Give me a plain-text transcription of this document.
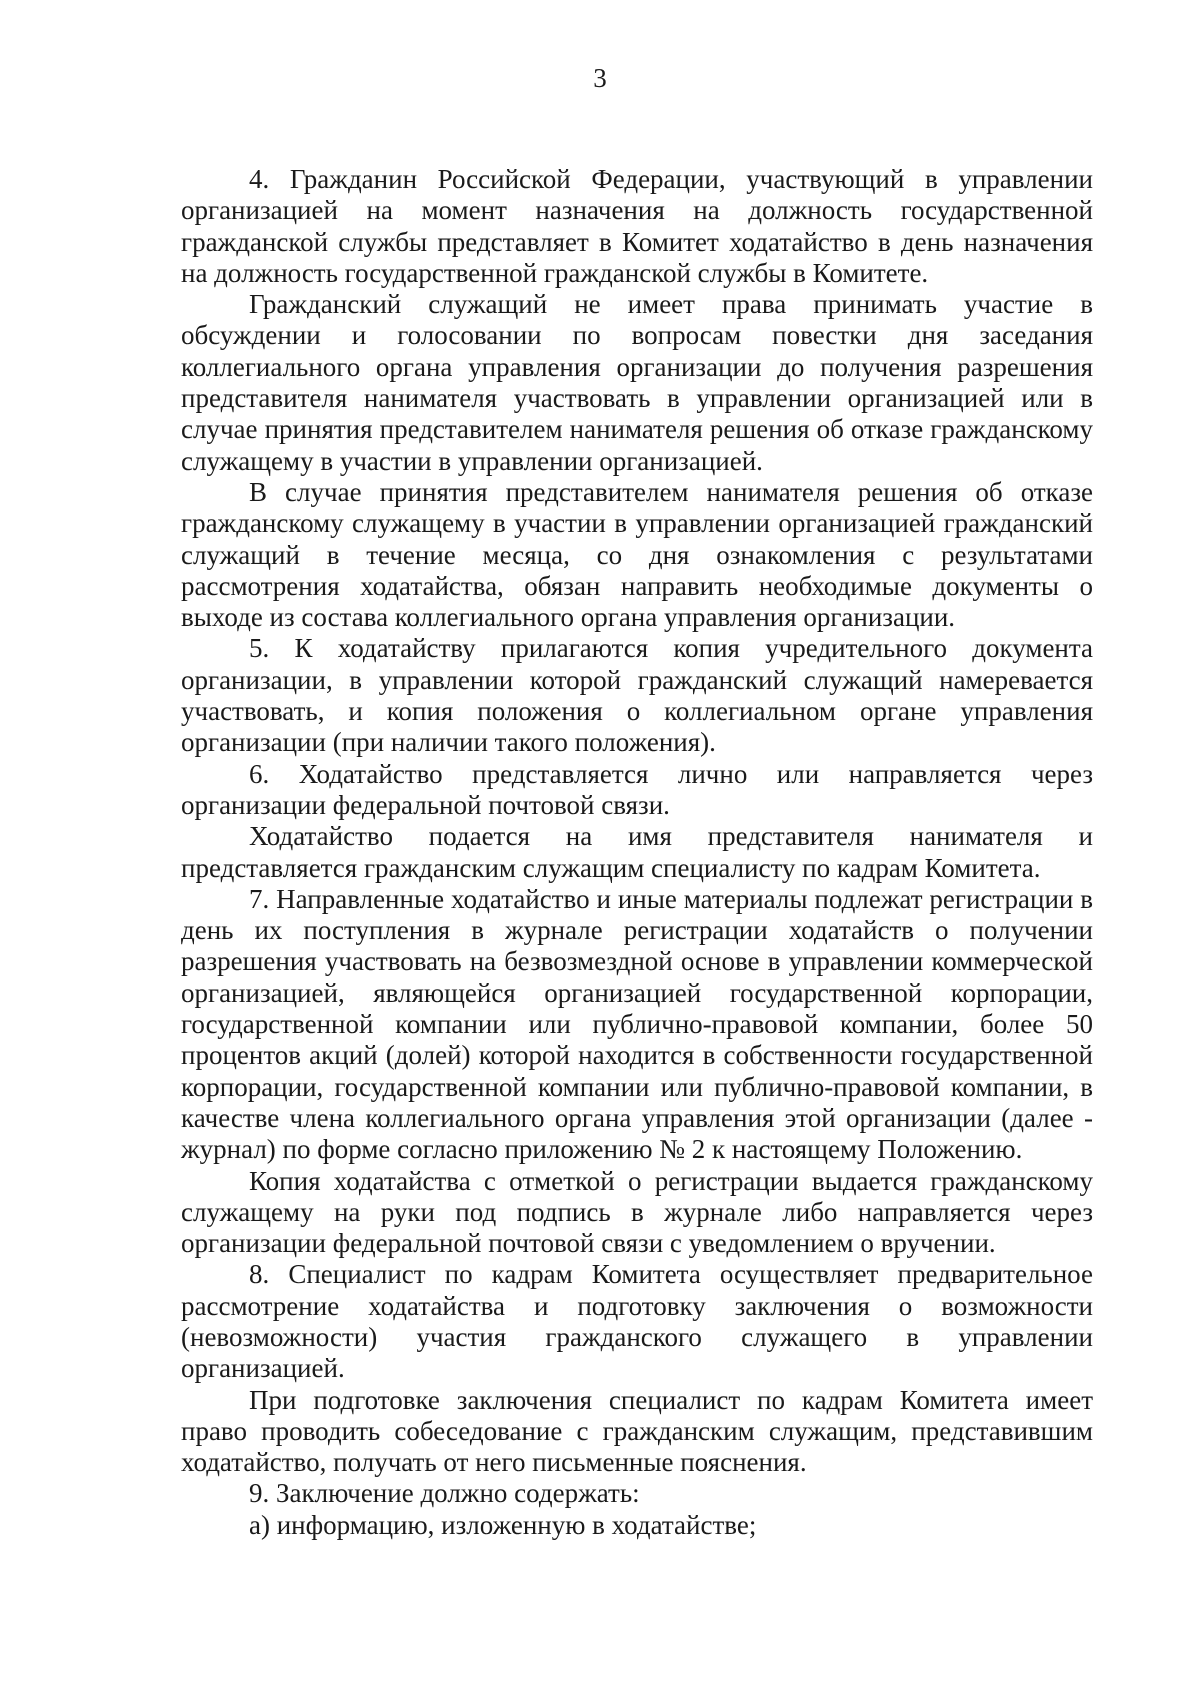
3

4. Гражданин Российской Федерации, участвующий в управлении организацией на момент назначения на должность государственной гражданской службы представляет в Комитет ходатайство в день назначения на должность государственной гражданской службы в Комитете.

Гражданский служащий не имеет права принимать участие в обсуждении и голосовании по вопросам повестки дня заседания коллегиального органа управления организации до получения разрешения представителя нанимателя участвовать в управлении организацией или в случае принятия представителем нанимателя решения об отказе гражданскому служащему в участии в управлении организацией.

В случае принятия представителем нанимателя решения об отказе гражданскому служащему в участии в управлении организацией гражданский служащий в течение месяца, со дня ознакомления с результатами рассмотрения ходатайства, обязан направить необходимые документы о выходе из состава коллегиального органа управления организации.

5. К ходатайству прилагаются копия учредительного документа организации, в управлении которой гражданский служащий намеревается участвовать, и копия положения о коллегиальном органе управления организации (при наличии такого положения).

6. Ходатайство представляется лично или направляется через организации федеральной почтовой связи.

Ходатайство подается на имя представителя нанимателя и представляется гражданским служащим специалисту по кадрам Комитета.

7. Направленные ходатайство и иные материалы подлежат регистрации в день их поступления в журнале регистрации ходатайств о получении разрешения участвовать на безвозмездной основе в управлении коммерческой организацией, являющейся организацией государственной корпорации, государственной компании или публично-правовой компании, более 50 процентов акций (долей) которой находится в собственности государственной корпорации, государственной компании или публично-правовой компании, в качестве члена коллегиального органа управления этой организации (далее - журнал) по форме согласно приложению № 2 к настоящему Положению.

Копия ходатайства с отметкой о регистрации выдается гражданскому служащему на руки под подпись в журнале либо направляется через организации федеральной почтовой связи с уведомлением о вручении.

8. Специалист по кадрам Комитета осуществляет предварительное рассмотрение ходатайства и подготовку заключения о возможности (невозможности) участия гражданского служащего в управлении организацией.

При подготовке заключения специалист по кадрам Комитета имеет право проводить собеседование с гражданским служащим, представившим ходатайство, получать от него письменные пояснения.

9. Заключение должно содержать:

а) информацию, изложенную в ходатайстве;
